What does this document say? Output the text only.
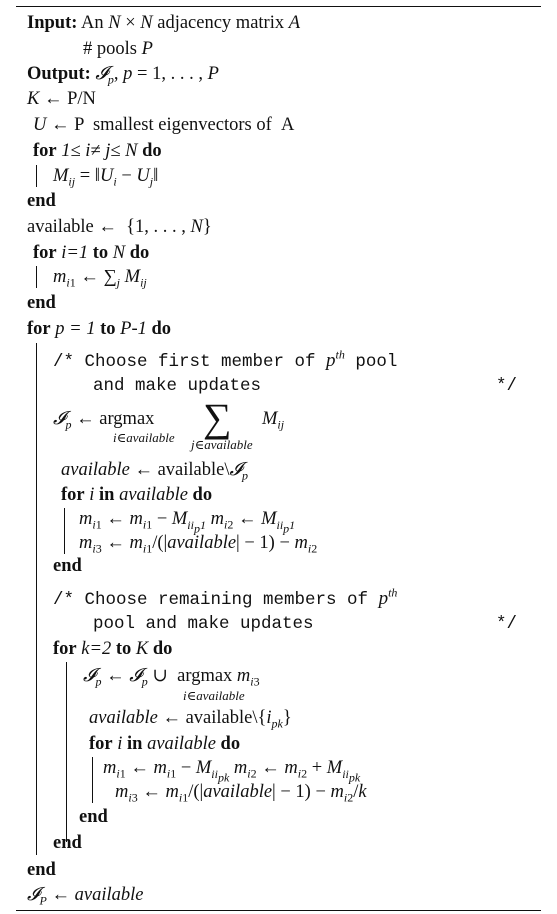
Input: An N × N adjacency matrix A
# pools P
Output: 𝓘$_p$, p = 1, . . . , P
K ← P/N
U ← P  smallest eigenvectors of  A
for 1≤ i≠ j≤ N do
$M_{ij}$ = $‖U_i$ − $U_j‖$
end
available ←  {1, . . . , N}
for i=1 to N do
$m_{i1}$ ← $\sum_j$ $M_{ij}$
end
for p = 1 to P-1 do
/* Choose first member of $p^{th}$ pool
and make updates	*/
𝓘$_p$ ← argmax
i∈available ∑
j∈available
$M_{ij}$
available ← available\𝓘$_p$
for i in available do
$m_{i1}$ ← $m_{i1} - M_{ii_p1}$ $m_{i2}$ ← $M_{ii_p1}$
$m_{i3}$ ← $m_{i1}/(|available| - 1) - m_{i2}$
end
/* Choose remaining members of $p^{th}$
pool and make updates	*/
for k=2 to K do
𝓘$_p$ ← 𝓘$_p$ ∪  argmax $m_{i3}$
i∈available
available ← $available\backslash\{i_{pk}\}$
for i in available do
$m_{i1}$ ← $m_{i1} - M_{ii_{pk}}$ $m_{i2}$ ← $m_{i2} + M_{ii_{pk}}$
$m_{i3}$ ← $m_{i1}/(|available| - 1) - m_{i2}/k$
end
end
end
𝓘$_P$ ← available
